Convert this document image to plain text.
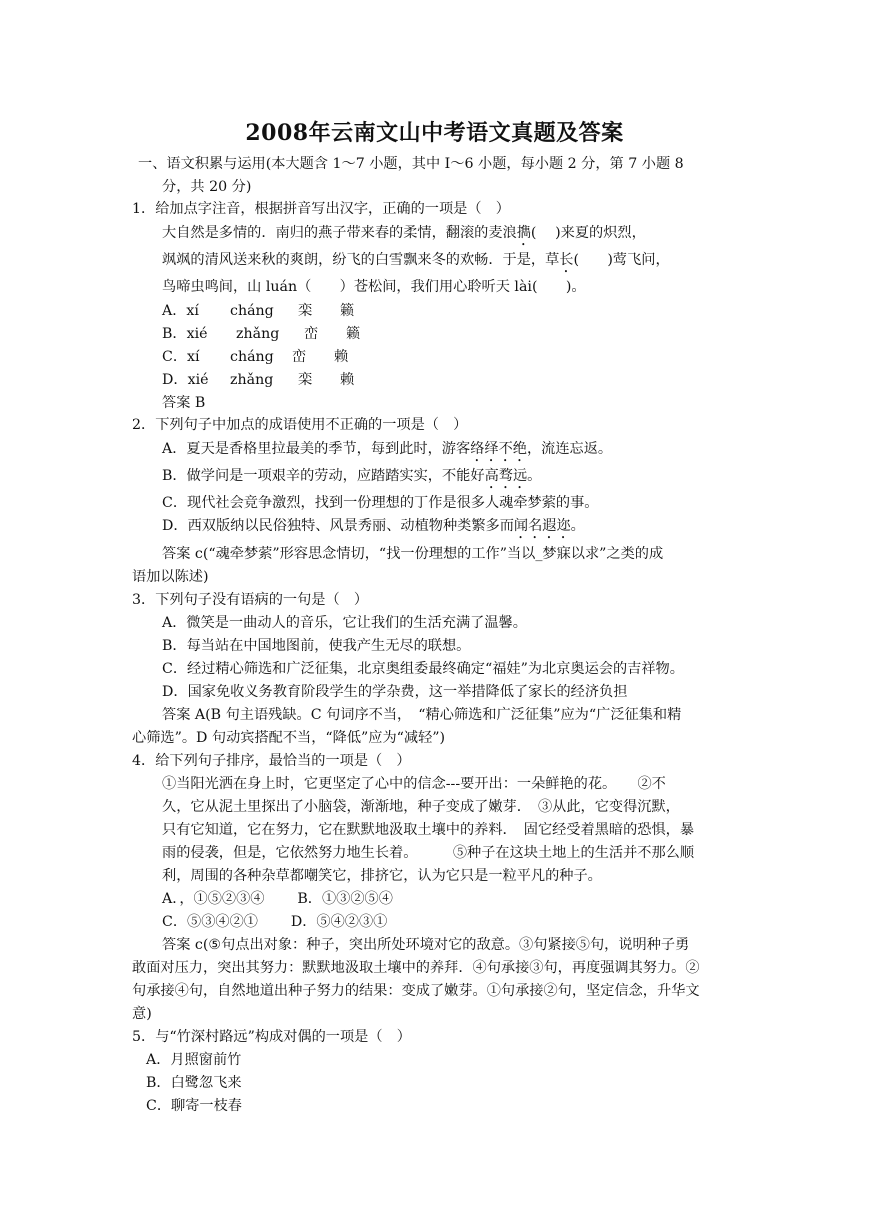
2008年云南文山中考语文真题及答案
一、语文积累与运用(本大题含 1～7 小题，其中 I～6 小题，每小题 2 分，第 7 小题 8
分，共 20 分)
1．给加点字注音，根据拼音写出汉字，正确的一项是（　）
大自然是多情的．南归的燕子带来春的柔情，翻滚的麦浪擕(　 )来夏的炽烈，
飒飒的清风送来秋的爽朗，纷飞的白雪飘来冬的欢畅．于是，草长(　　)莺飞问，
鸟啼虫鸣间，山 luán（　　）苍松间，我们用心聆听天 lài(　　)。
A．xí cháng 栾 籁
B．xié zhǎng 峦 籁
C．xí cháng 峦 赖
D．xié zhǎng 栾 赖
答案 B
2．下列句子中加点的成语使用不正确的一项是（　）
A．夏天是香格里拉最美的季节，每到此时，游客络绎不绝，流连忘返。
B．做学问是一项艰辛的劳动，应踏踏实实，不能好高骛远。
C．现代社会竞争激烈，找到一份理想的丁作是很多人魂牵梦萦的事。
D．西双版纳以民俗独特、风景秀丽、动植物种类繁多而闻名遐迩。
答案 c(“魂牵梦萦”形容思念情切，“找一份理想的工作”当以_梦寐以求”之类的成
语加以陈述)
3．下列句子没有语病的一句是（　）
A．微笑是一曲动人的音乐，它让我们的生活充满了温馨。
B．每当站在中国地图前，使我产生无尽的联想。
C．经过精心筛选和广泛征集，北京奥组委最终确定“福娃”为北京奥运会的吉祥物。
D．国家免收义务教育阶段学生的学杂费，这一举措降低了家长的经济负担
答案 A(B 句主语残缺。C 句词序不当，　“精心筛选和广泛征集”应为“广泛征集和精
心筛选”。D 句动宾搭配不当，“降低”应为“减轻”)
4．给下列句子排序，最恰当的一项是（　）
①当阳光洒在身上时，它更坚定了心中的信念---要开出：一朵鲜艳的花。　　②不
久，它从泥土里探出了小脑袋，渐渐地，种子变成了嫩芽．　③从此，它变得沉默，
只有它知道，它在努力，它在默默地汲取土壤中的养料．　固它经受着黑暗的恐惧，暴
雨的侵袭，但是，它依然努力地生长着。　　　⑤种子在这块土地上的生活并不那么顺
利，周围的各种杂草都嘲笑它，排挤它，认为它只是一粒平凡的种子。
A．，①⑤②③④　　 B．①③②⑤④
C．⑤③④②①　　 D．⑤④②③①
答案 c(⑤句点出对象：种子，突出所处环境对它的敌意。③句紧接⑤句，说明种子勇
敢面对压力，突出其努力：默默地汲取土壤中的养拜．④句承接③句，再度强调其努力。②
句承接④句，自然地道出种子努力的结果：变成了嫩芽。①句承接②句，坚定信念，升华文
意)
5．与“竹深村路远”构成对偶的一项是（　）
A．月照窗前竹
B．白鹭忽飞来
C．聊寄一枝春
